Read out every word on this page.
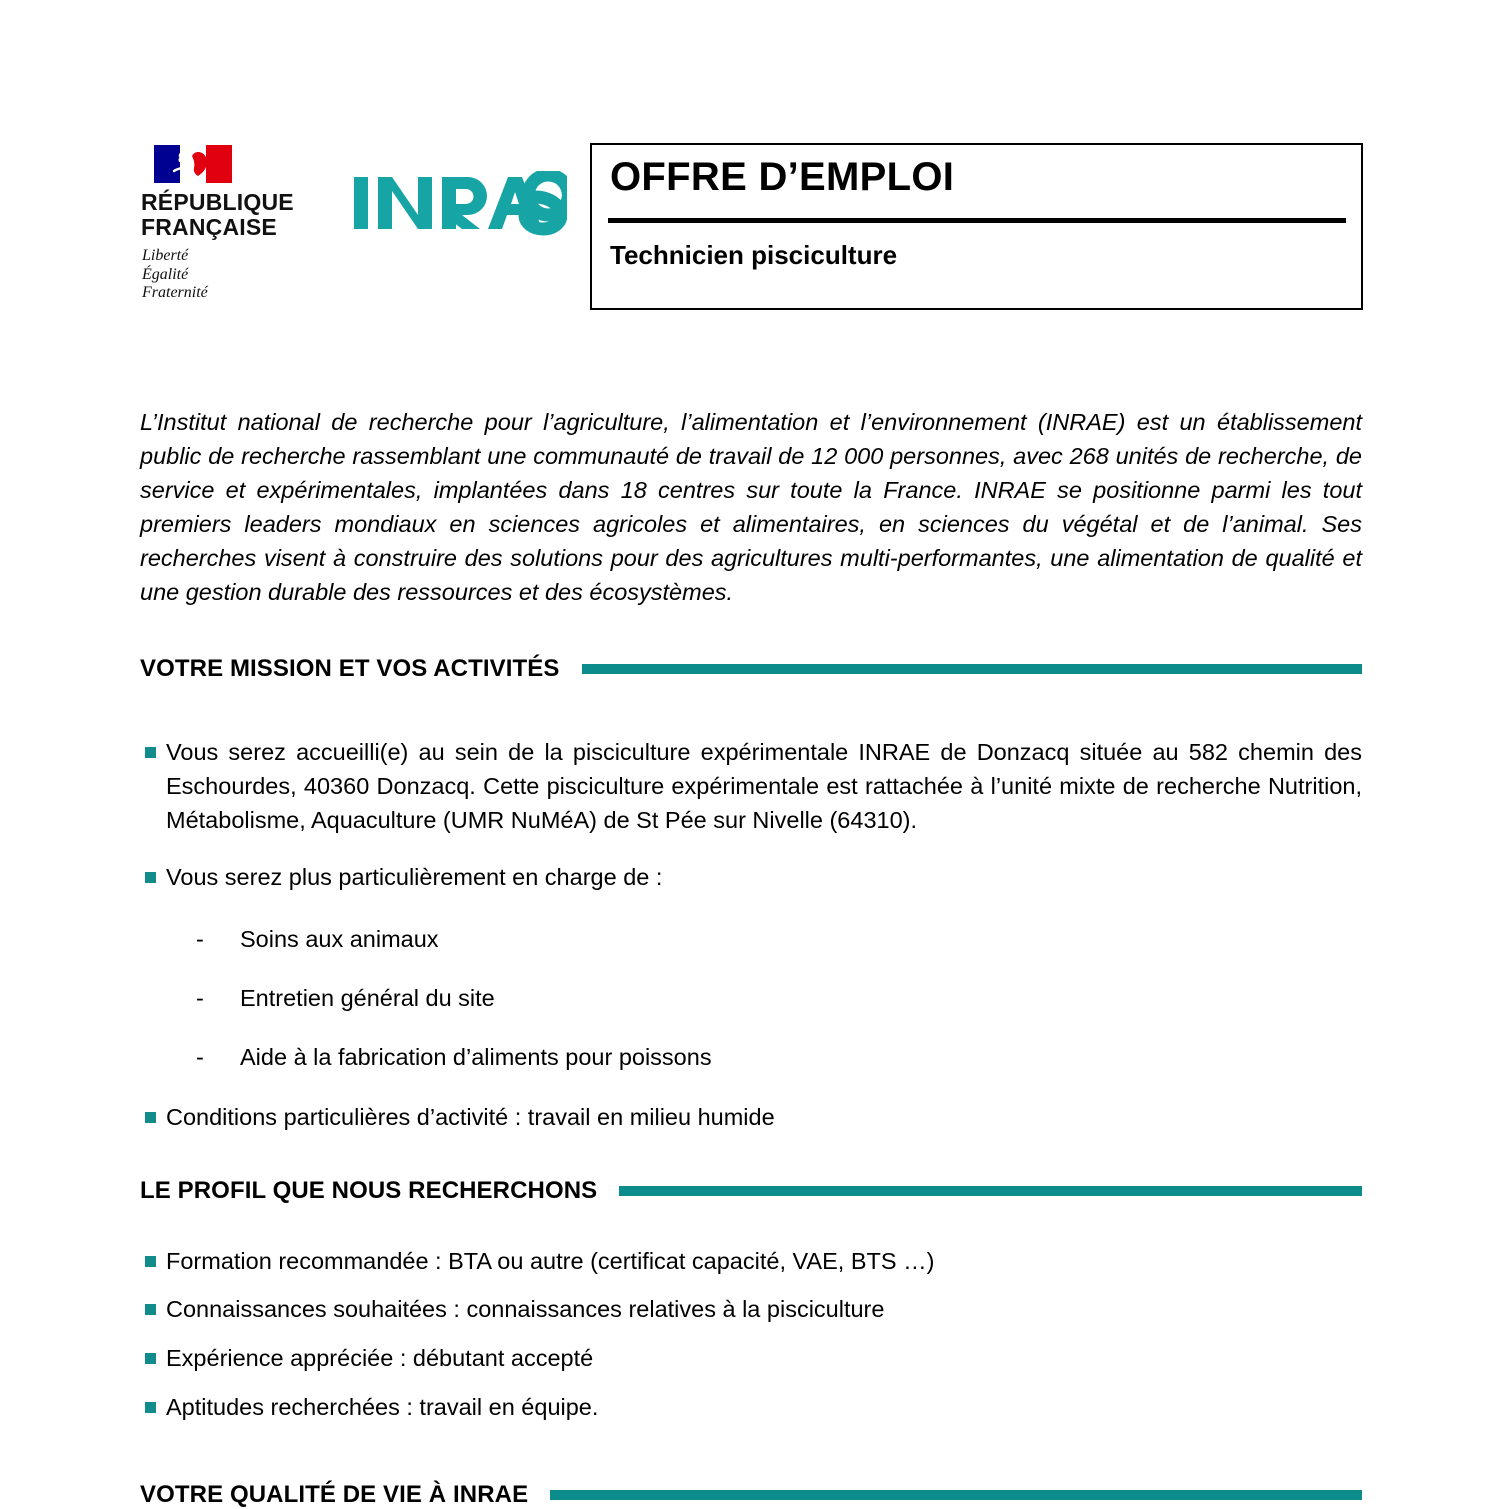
RÉPUBLIQUE
FRANÇAISE
Liberté
Égalité
Fraternité
OFFRE D’EMPLOI
Technicien pisciculture

L’Institut national de recherche pour l’agriculture, l’alimentation et l’environnement (INRAE) est un établissement public de recherche rassemblant une communauté de travail de 12 000 personnes, avec 268 unités de recherche, de service et expérimentales, implantées dans 18 centres sur toute la France. INRAE se positionne parmi les tout premiers leaders mondiaux en sciences agricoles et alimentaires, en sciences du végétal et de l’animal. Ses recherches visent à construire des solutions pour des agricultures multi-performantes, une alimentation de qualité et une gestion durable des ressources et des écosystèmes.

VOTRE MISSION ET VOS ACTIVITÉS
Vous serez accueilli(e) au sein de la pisciculture expérimentale INRAE de Donzacq située au 582 chemin des Eschourdes, 40360 Donzacq. Cette pisciculture expérimentale est rattachée à l’unité mixte de recherche Nutrition, Métabolisme, Aquaculture (UMR NuMéA) de St Pée sur Nivelle (64310).
Vous serez plus particulièrement en charge de :
- Soins aux animaux
- Entretien général du site
- Aide à la fabrication d’aliments pour poissons
Conditions particulières d’activité : travail en milieu humide
LE PROFIL QUE NOUS RECHERCHONS
Formation recommandée : BTA ou autre (certificat capacité, VAE, BTS …)
Connaissances souhaitées : connaissances relatives à la pisciculture
Expérience appréciée : débutant accepté
Aptitudes recherchées : travail en équipe.
VOTRE QUALITÉ DE VIE À INRAE
